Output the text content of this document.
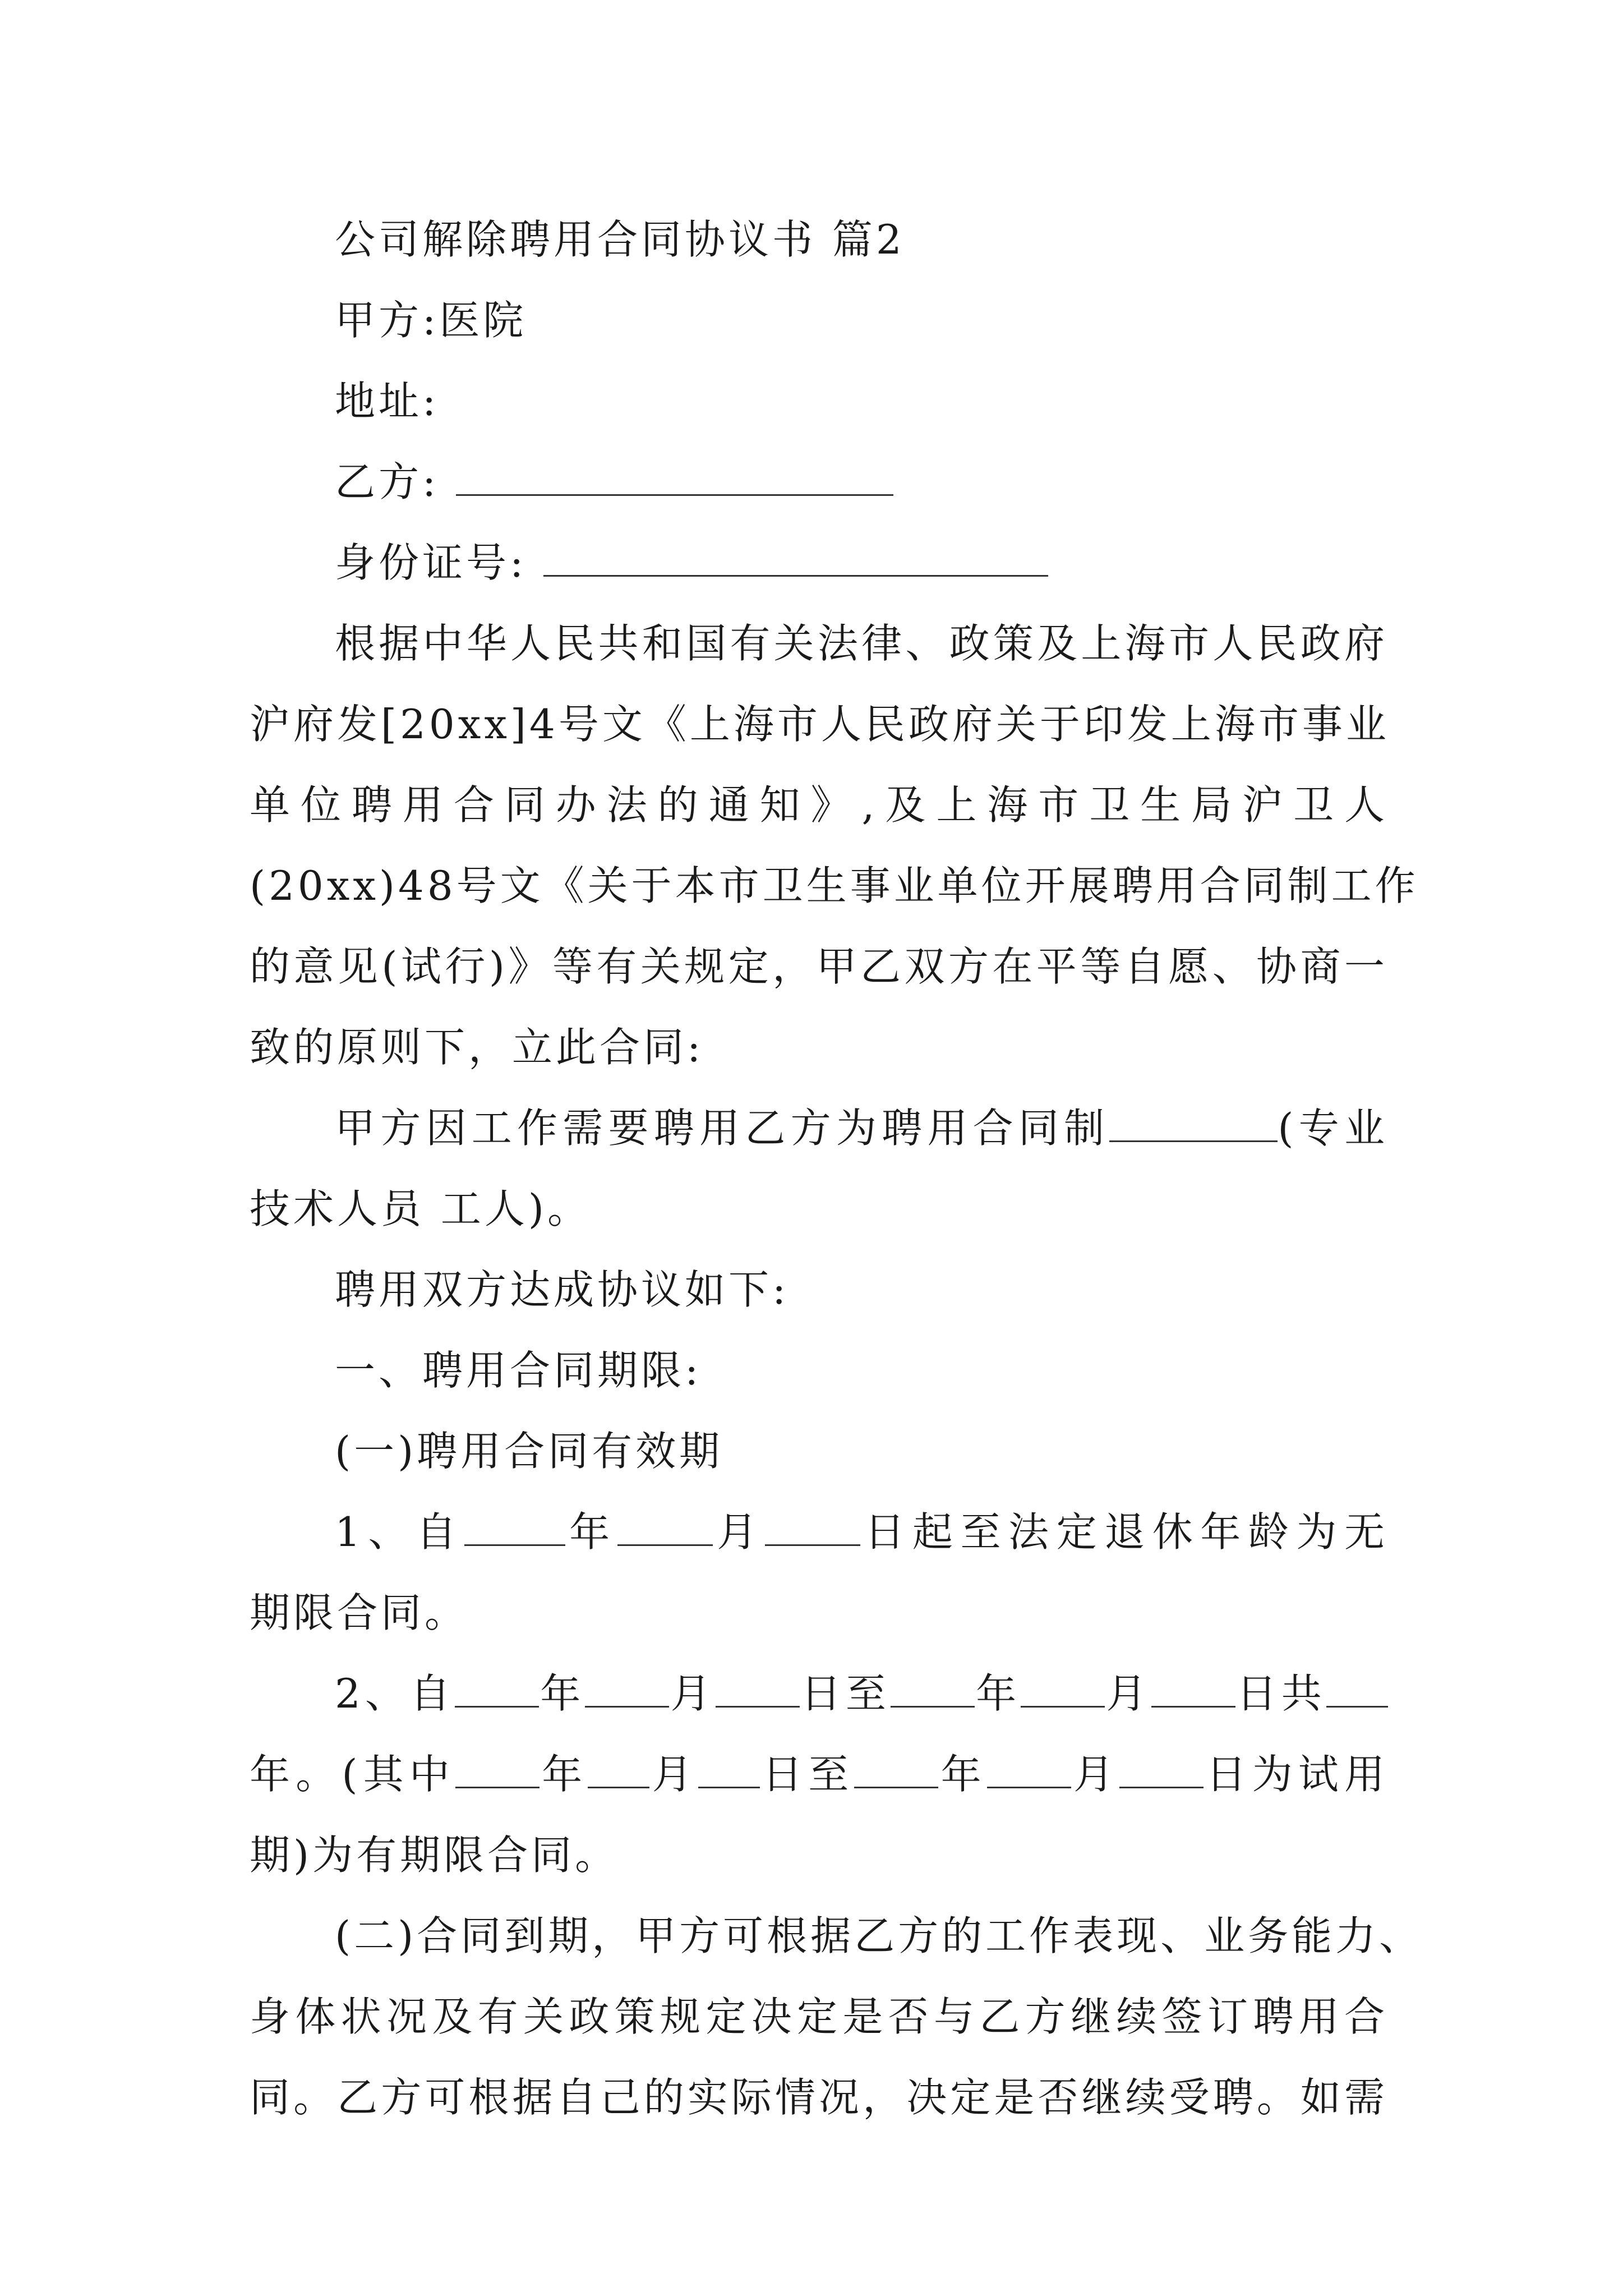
公司解除聘用合同协议书 篇2
甲方:医院
地址:
乙方:
身份证号:
根据中华人民共和国有关法律、政策及上海市人民政府
沪府发[20xx]4号文《上海市人民政府关于印发上海市事业
单位聘用合同办法的通知》,及上海市卫生局沪卫人
(20xx)48号文《关于本市卫生事业单位开展聘用合同制工作
的意见(试行)》等有关规定，甲乙双方在平等自愿、协商一
致的原则下，立此合同:
甲方因工作需要聘用乙方为聘用合同制	(专业
技术人员 工人)。
聘用双方达成协议如下:
一、聘用合同期限:
(一)聘用合同有效期
1、自	年 月 日起至法定退休年龄为无
期限合同。
2、自 年 月 日至 年 月 日共
年。(其中 年 月 日至 年 月 日为试用
期)为有期限合同。
(二)合同到期，甲方可根据乙方的工作表现、业务能力、
身体状况及有关政策规定决定是否与乙方继续签订聘用合
同。乙方可根据自己的实际情况，决定是否继续受聘。如需
